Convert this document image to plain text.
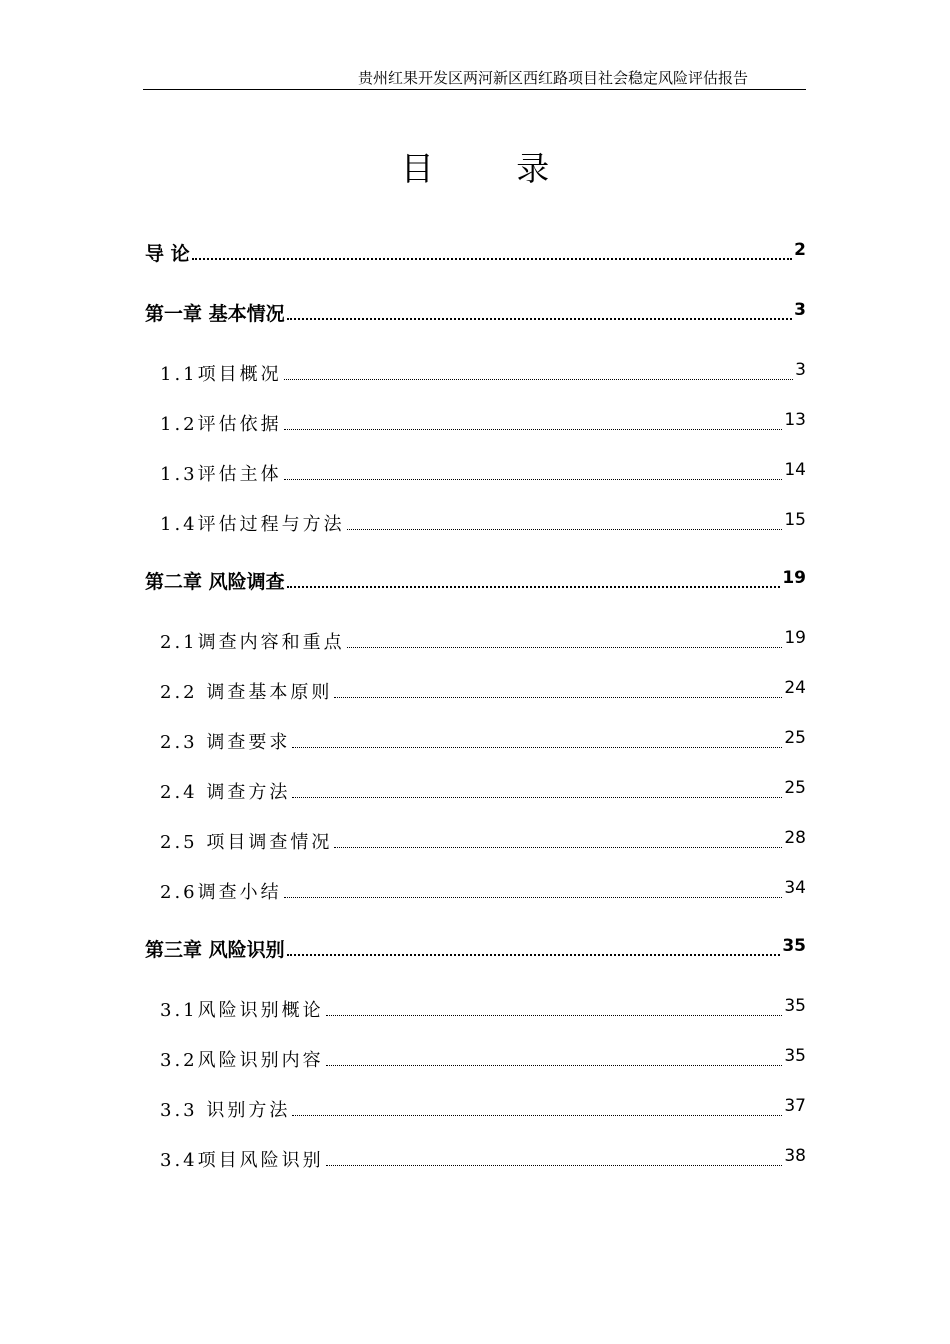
贵州红果开发区两河新区西红路项目社会稳定风险评估报告
目 录
导 论	2
第一章 基本情况	3
1.1项目概况	3
1.2评估依据	13
1.3评估主体	14
1.4评估过程与方法	15
第二章 风险调查	19
2.1调查内容和重点	19
2.2 调查基本原则	24
2.3 调查要求	25
2.4 调查方法	25
2.5 项目调查情况	28
2.6调查小结	34
第三章 风险识别	35
3.1风险识别概论	35
3.2风险识别内容	35
3.3 识别方法	37
3.4项目风险识别	38
